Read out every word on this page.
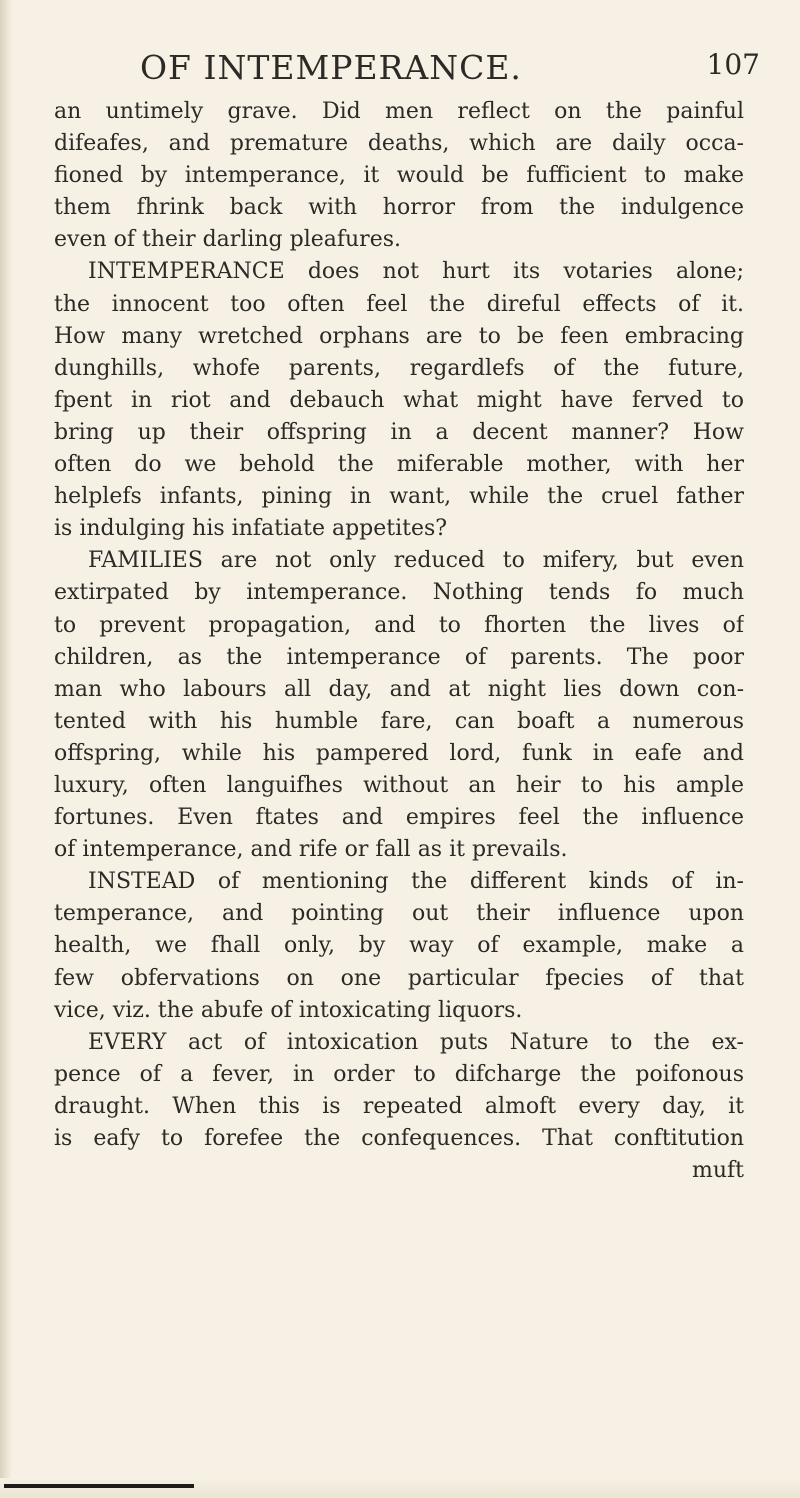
OF INTEMPERANCE.	107
an untimely grave. Did men reflect on the painful
difeafes, and premature deaths, which are daily occa-
fioned by intemperance, it would be fufficient to make
them fhrink back with horror from the indulgence
even of their darling pleafures.
INTEMPERANCE does not hurt its votaries alone;
the innocent too often feel the direful effects of it.
How many wretched orphans are to be feen embracing
dunghills, whofe parents, regardlefs of the future,
fpent in riot and debauch what might have ferved to
bring up their offspring in a decent manner? How
often do we behold the miferable mother, with her
helplefs infants, pining in want, while the cruel father
is indulging his infatiate appetites?
FAMILIES are not only reduced to mifery, but even
extirpated by intemperance. Nothing tends fo much
to prevent propagation, and to fhorten the lives of
children, as the intemperance of parents. The poor
man who labours all day, and at night lies down con-
tented with his humble fare, can boaft a numerous
offspring, while his pampered lord, funk in eafe and
luxury, often languifhes without an heir to his ample
fortunes. Even ftates and empires feel the influence
of intemperance, and rife or fall as it prevails.
INSTEAD of mentioning the different kinds of in-
temperance, and pointing out their influence upon
health, we fhall only, by way of example, make a
few obfervations on one particular fpecies of that
vice, viz. the abufe of intoxicating liquors.
EVERY act of intoxication puts Nature to the ex-
pence of a fever, in order to difcharge the poifonous
draught. When this is repeated almoft every day, it
is eafy to forefee the confequences. That conftitution
muft
